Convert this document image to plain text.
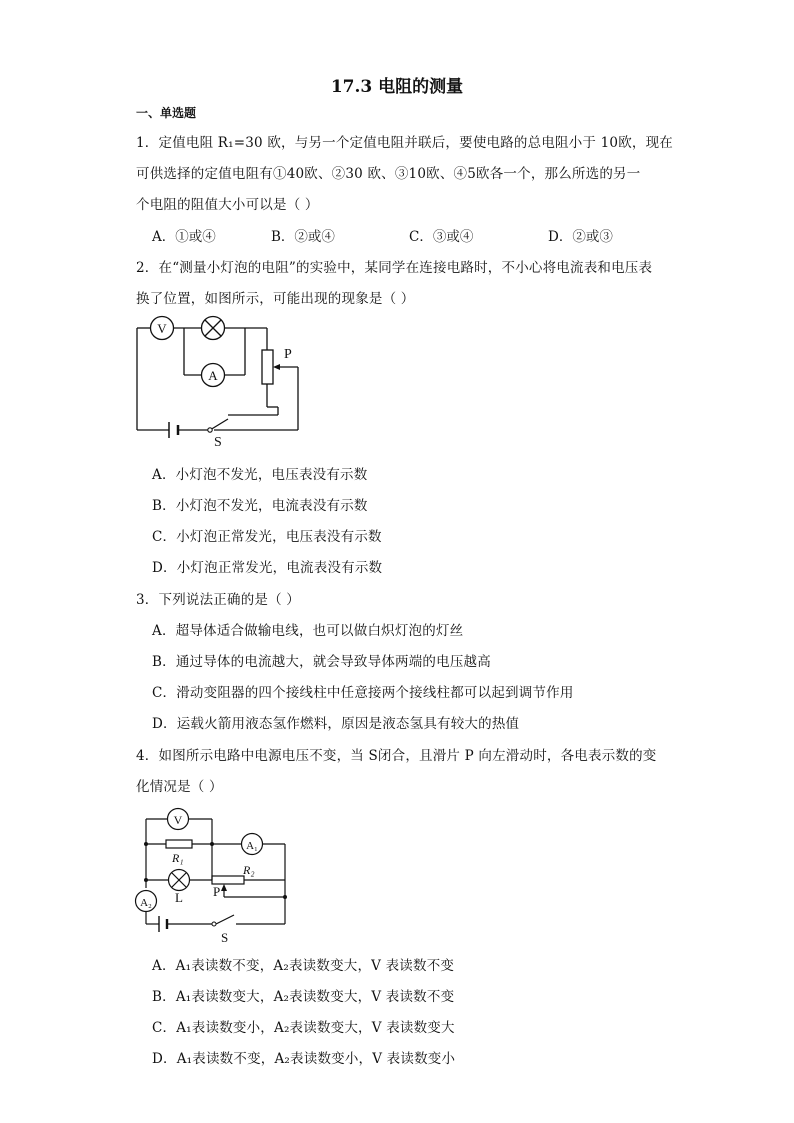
17.3 电阻的测量
一、单选题
1．定值电阻 R₁=30 欧，与另一个定值电阻并联后，要使电路的总电阻小于 10欧，现在
可供选择的定值电阻有①40欧、②30 欧、③10欧、④5欧各一个，那么所选的另一
个电阻的阻值大小可以是（ ）
A．①或④	B．②或④	C．③或④	D．②或③
2．在“测量小灯泡的电阻”的实验中，某同学在连接电路时，不小心将电流表和电压表
换了位置，如图所示，可能出现的现象是（ ）
V
A
P
S
A．小灯泡不发光，电压表没有示数
B．小灯泡不发光，电流表没有示数
C．小灯泡正常发光，电压表没有示数
D．小灯泡正常发光，电流表没有示数
3．下列说法正确的是（ ）
A．超导体适合做输电线，也可以做白炽灯泡的灯丝
B．通过导体的电流越大，就会导致导体两端的电压越高
C．滑动变阻器的四个接线柱中任意接两个接线柱都可以起到调节作用
D．运载火箭用液态氢作燃料，原因是液态氢具有较大的热值
4．如图所示电路中电源电压不变，当 S闭合，且滑片 P 向左滑动时，各电表示数的变
化情况是（ ）
V
A₁
A₂
R₁
R₂
L P
S
A．A₁表读数不变，A₂表读数变大，V 表读数不变
B．A₁表读数变大，A₂表读数变大，V 表读数不变
C．A₁表读数变小，A₂表读数变大，V 表读数变大
D．A₁表读数不变，A₂表读数变小，V 表读数变小
